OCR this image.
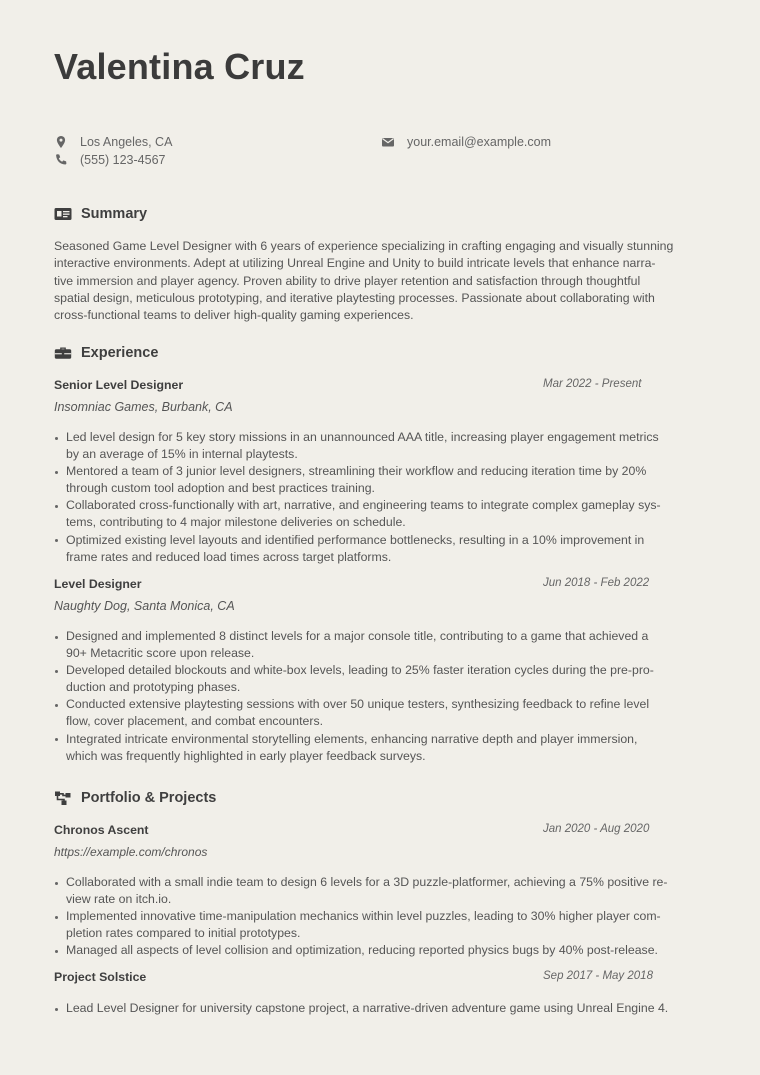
Valentina Cruz
Los Angeles, CA
(555) 123-4567
your.email@example.com
Summary
Seasoned Game Level Designer with 6 years of experience specializing in crafting engaging and visually stunning
interactive environments. Adept at utilizing Unreal Engine and Unity to build intricate levels that enhance narra-
tive immersion and player agency. Proven ability to drive player retention and satisfaction through thoughtful
spatial design, meticulous prototyping, and iterative playtesting processes. Passionate about collaborating with
cross-functional teams to deliver high-quality gaming experiences.
Experience

Senior Level Designer	Mar 2022 - Present

Insomniac Games, Burbank, CA

Led level design for 5 key story missions in an unannounced AAA title, increasing player engagement metrics
by an average of 15% in internal playtests.
Mentored a team of 3 junior level designers, streamlining their workflow and reducing iteration time by 20%
through custom tool adoption and best practices training.
Collaborated cross-functionally with art, narrative, and engineering teams to integrate complex gameplay sys-
tems, contributing to 4 major milestone deliveries on schedule.
Optimized existing level layouts and identified performance bottlenecks, resulting in a 10% improvement in
frame rates and reduced load times across target platforms.

Level Designer	Jun 2018 - Feb 2022

Naughty Dog, Santa Monica, CA

Designed and implemented 8 distinct levels for a major console title, contributing to a game that achieved a
90+ Metacritic score upon release.
Developed detailed blockouts and white-box levels, leading to 25% faster iteration cycles during the pre-pro-
duction and prototyping phases.
Conducted extensive playtesting sessions with over 50 unique testers, synthesizing feedback to refine level
flow, cover placement, and combat encounters.
Integrated intricate environmental storytelling elements, enhancing narrative depth and player immersion,
which was frequently highlighted in early player feedback surveys.
Portfolio & Projects

Chronos Ascent	Jan 2020 - Aug 2020

https://example.com/chronos

Collaborated with a small indie team to design 6 levels for a 3D puzzle-platformer, achieving a 75% positive re-
view rate on itch.io.
Implemented innovative time-manipulation mechanics within level puzzles, leading to 30% higher player com-
pletion rates compared to initial prototypes.
Managed all aspects of level collision and optimization, reducing reported physics bugs by 40% post-release.

Project Solstice	Sep 2017 - May 2018

Lead Level Designer for university capstone project, a narrative-driven adventure game using Unreal Engine 4.
